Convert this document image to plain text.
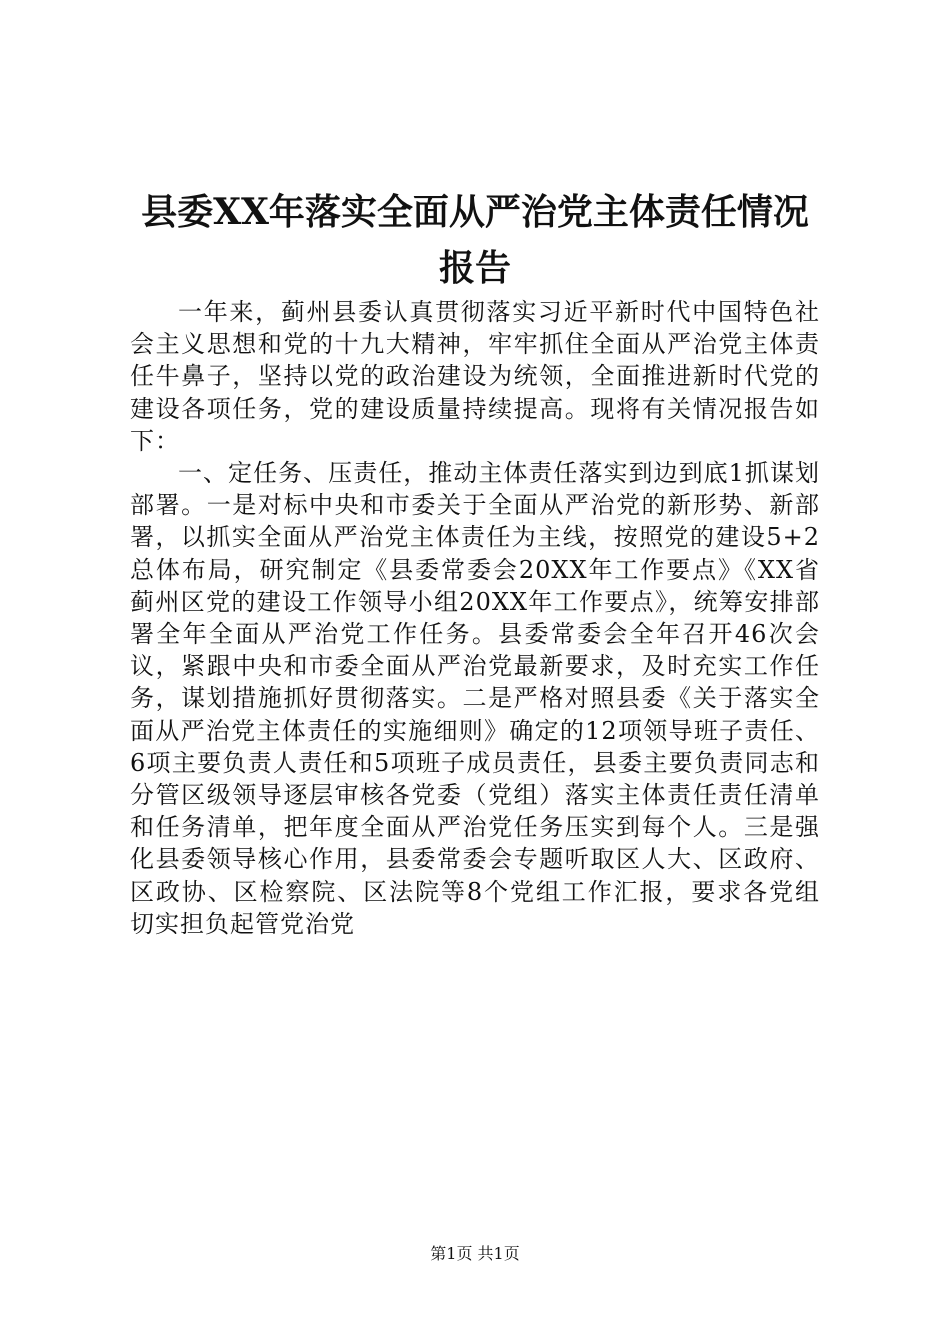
县委XX年落实全面从严治党主体责任情况报告

一年来，蓟州县委认真贯彻落实习近平新时代中国特色社会主义思想和党的十九大精神，牢牢抓住全面从严治党主体责任牛鼻子，坚持以党的政治建设为统领，全面推进新时代党的建设各项任务，党的建设质量持续提高。现将有关情况报告如下：

一、定任务、压责任，推动主体责任落实到边到底1抓谋划部署。一是对标中央和市委关于全面从严治党的新形势、新部署，以抓实全面从严治党主体责任为主线，按照党的建设5+2总体布局，研究制定《县委常委会20XX年工作要点》《XX省蓟州区党的建设工作领导小组20XX年工作要点》，统筹安排部署全年全面从严治党工作任务。县委常委会全年召开46次会议，紧跟中央和市委全面从严治党最新要求，及时充实工作任务，谋划措施抓好贯彻落实。二是严格对照县委《关于落实全面从严治党主体责任的实施细则》确定的12项领导班子责任、6项主要负责人责任和5项班子成员责任，县委主要负责同志和分管区级领导逐层审核各党委（党组）落实主体责任责任清单和任务清单，把年度全面从严治党任务压实到每个人。三是强化县委领导核心作用，县委常委会专题听取区人大、区政府、区政协、区检察院、区法院等8个党组工作汇报，要求各党组切实担负起管党治党

第1页 共1页
